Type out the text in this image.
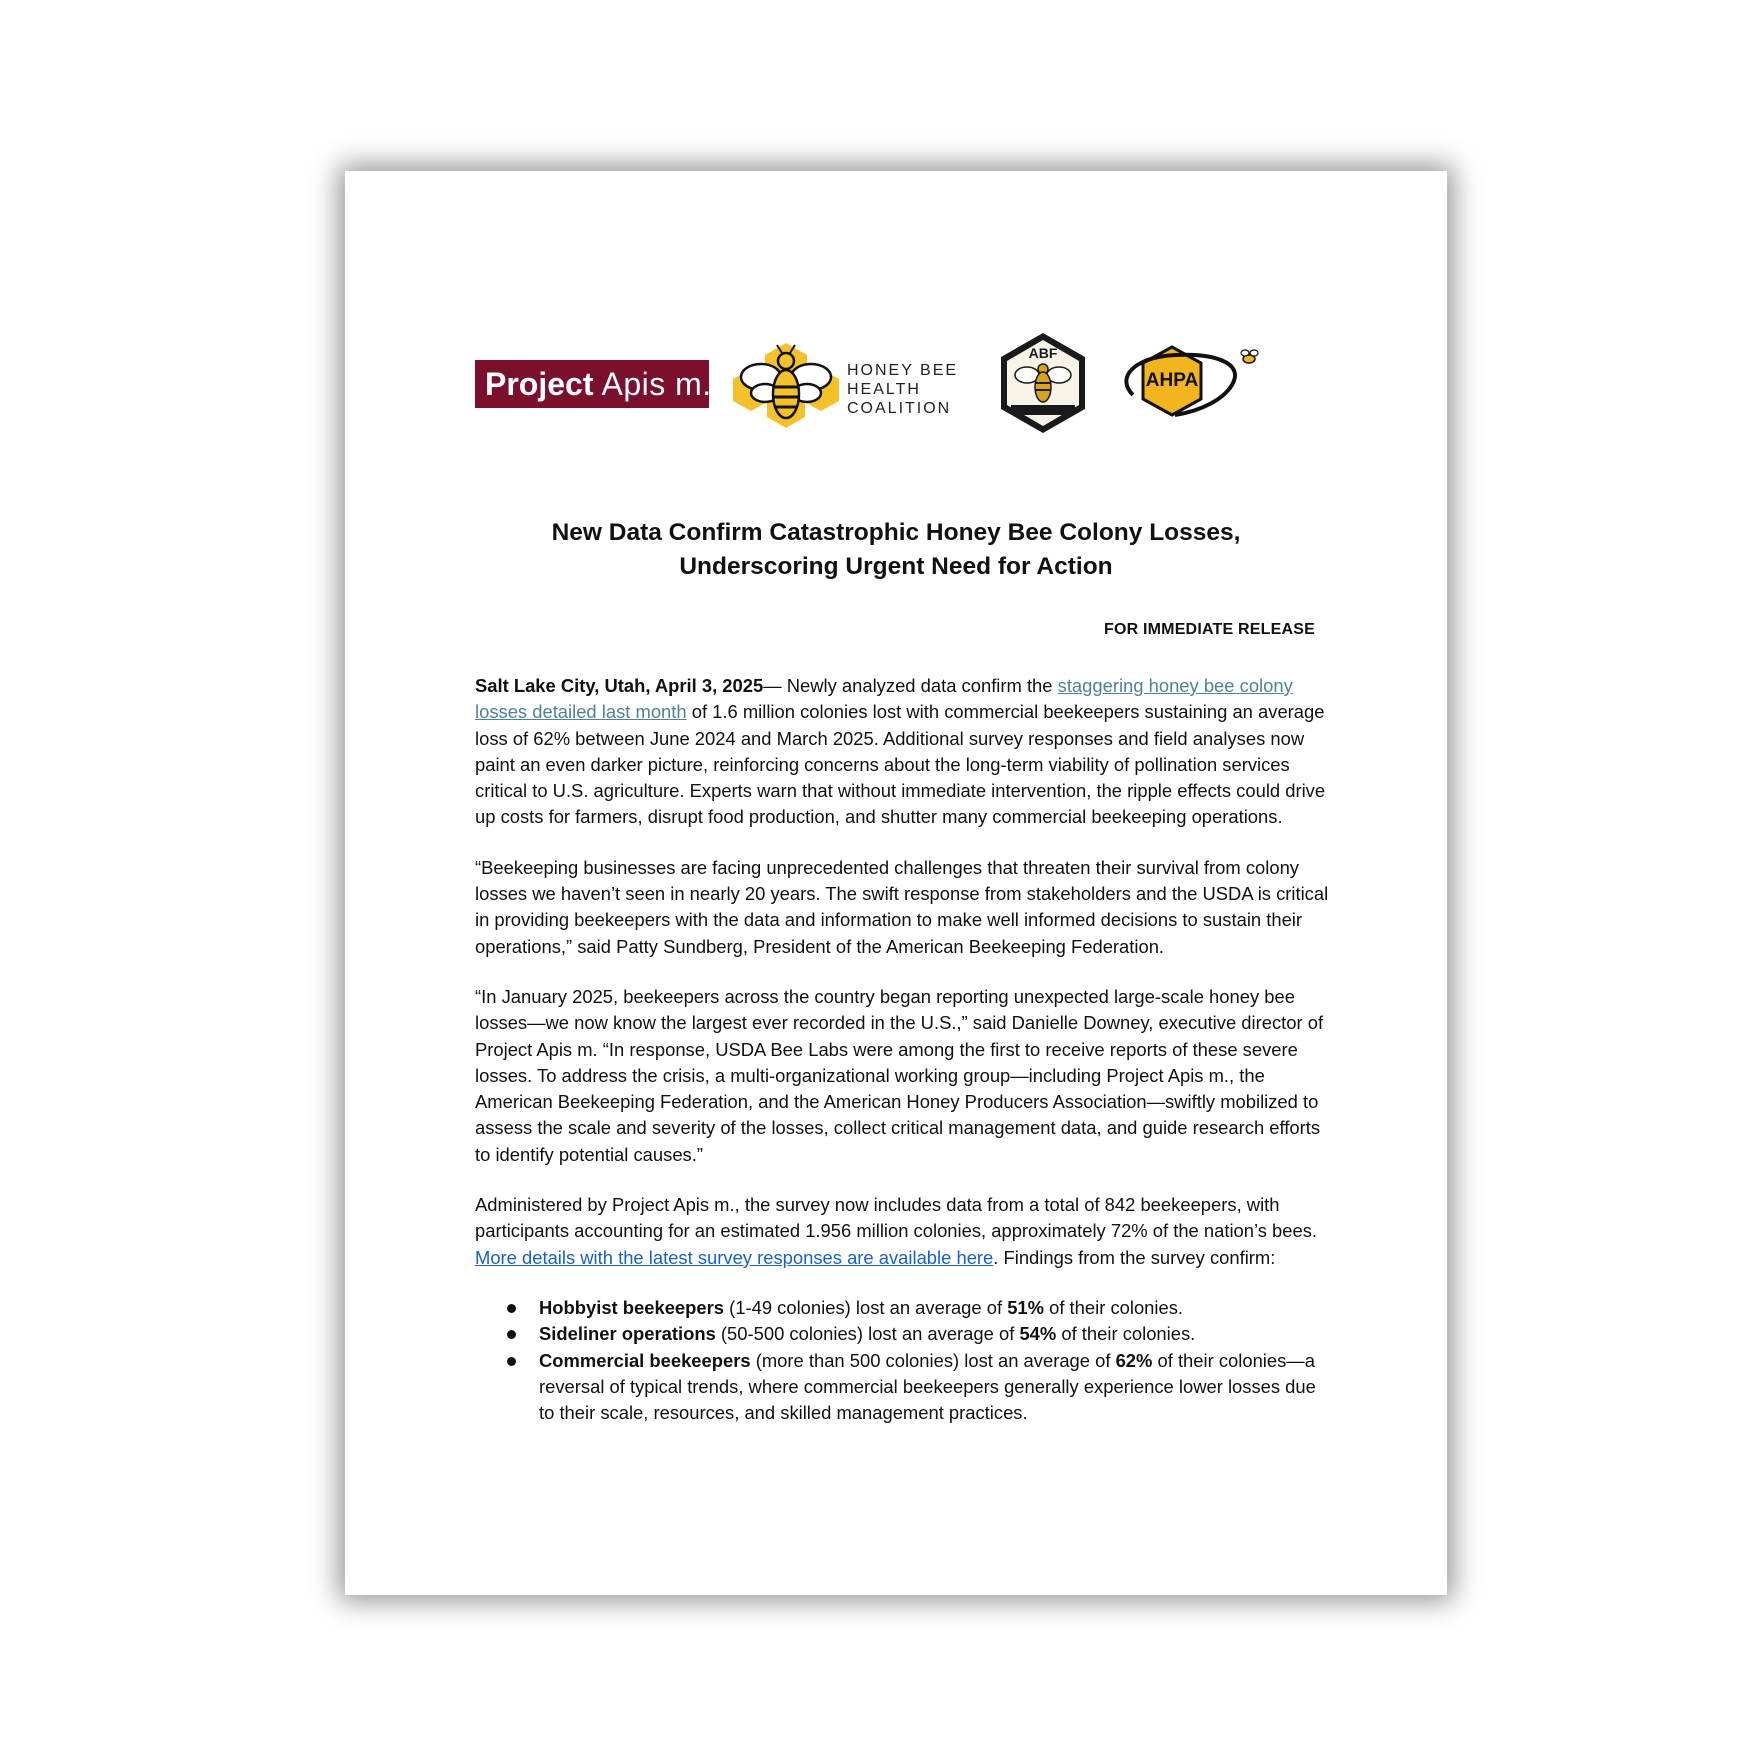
Project Apis m.	HONEY BEE
HEALTH
COALITION
ABF
AHPA
New Data Confirm Catastrophic Honey Bee Colony Losses,
Underscoring Urgent Need for Action
FOR IMMEDIATE RELEASE

Salt Lake City, Utah, April 3, 2025— Newly analyzed data confirm the staggering honey bee colony losses detailed last month of 1.6 million colonies lost with commercial beekeepers sustaining an average loss of 62% between June 2024 and March 2025. Additional survey responses and field analyses now paint an even darker picture, reinforcing concerns about the long-term viability of pollination services critical to U.S. agriculture. Experts warn that without immediate intervention, the ripple effects could drive up costs for farmers, disrupt food production, and shutter many commercial beekeeping operations.

“Beekeeping businesses are facing unprecedented challenges that threaten their survival from colony losses we haven’t seen in nearly 20 years. The swift response from stakeholders and the USDA is critical in providing beekeepers with the data and information to make well informed decisions to sustain their operations,” said Patty Sundberg, President of the American Beekeeping Federation.

“In January 2025, beekeepers across the country began reporting unexpected large-scale honey bee losses—we now know the largest ever recorded in the U.S.,” said Danielle Downey, executive director of Project Apis m. “In response, USDA Bee Labs were among the first to receive reports of these severe losses. To address the crisis, a multi-organizational working group—including Project Apis m., the American Beekeeping Federation, and the American Honey Producers Association—swiftly mobilized to assess the scale and severity of the losses, collect critical management data, and guide research efforts to identify potential causes.”

Administered by Project Apis m., the survey now includes data from a total of 842 beekeepers, with participants accounting for an estimated 1.956 million colonies, approximately 72% of the nation’s bees. More details with the latest survey responses are available here. Findings from the survey confirm:

Hobbyist beekeepers (1-49 colonies) lost an average of 51% of their colonies.
Sideliner operations (50-500 colonies) lost an average of 54% of their colonies.
Commercial beekeepers (more than 500 colonies) lost an average of 62% of their colonies—a reversal of typical trends, where commercial beekeepers generally experience lower losses due to their scale, resources, and skilled management practices.
